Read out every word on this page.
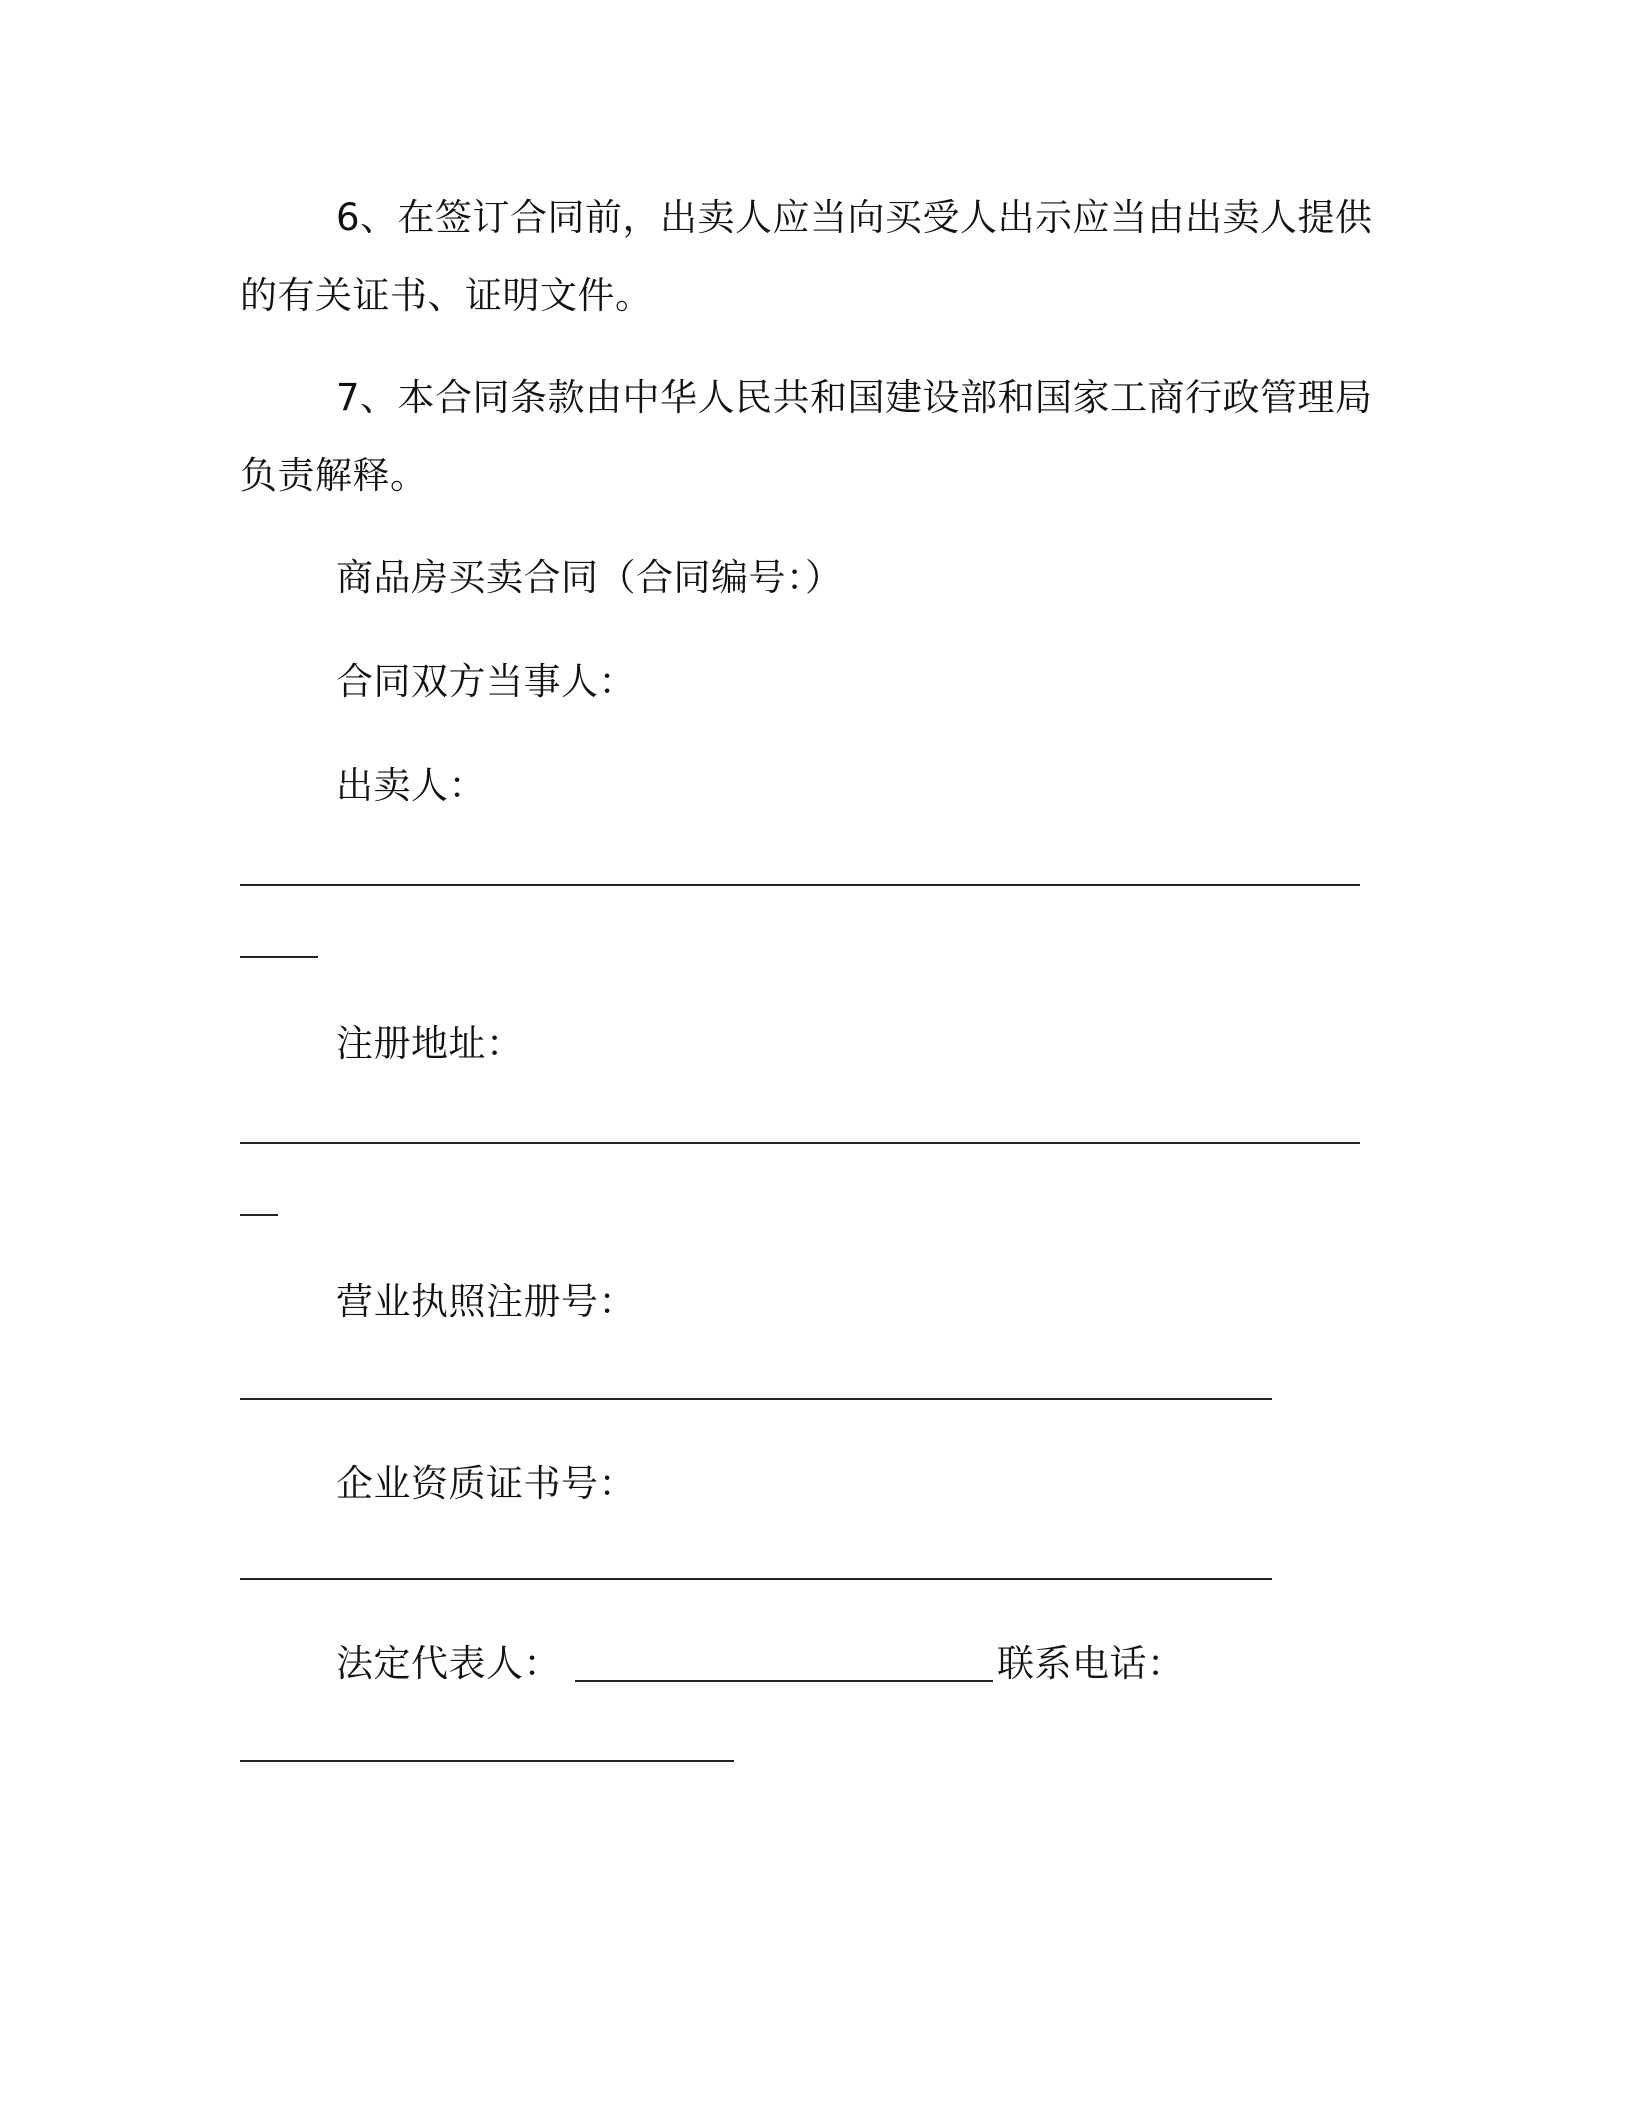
6、在签订合同前，出卖人应当向买受人出示应当由出卖人提供
的有关证书、证明文件。
7、本合同条款由中华人民共和国建设部和国家工商行政管理局
负责解释。
商品房买卖合同（合同编号：）
合同双方当事人：
出卖人：
注册地址：
营业执照注册号：
企业资质证书号：
法定代表人：	联系电话：
